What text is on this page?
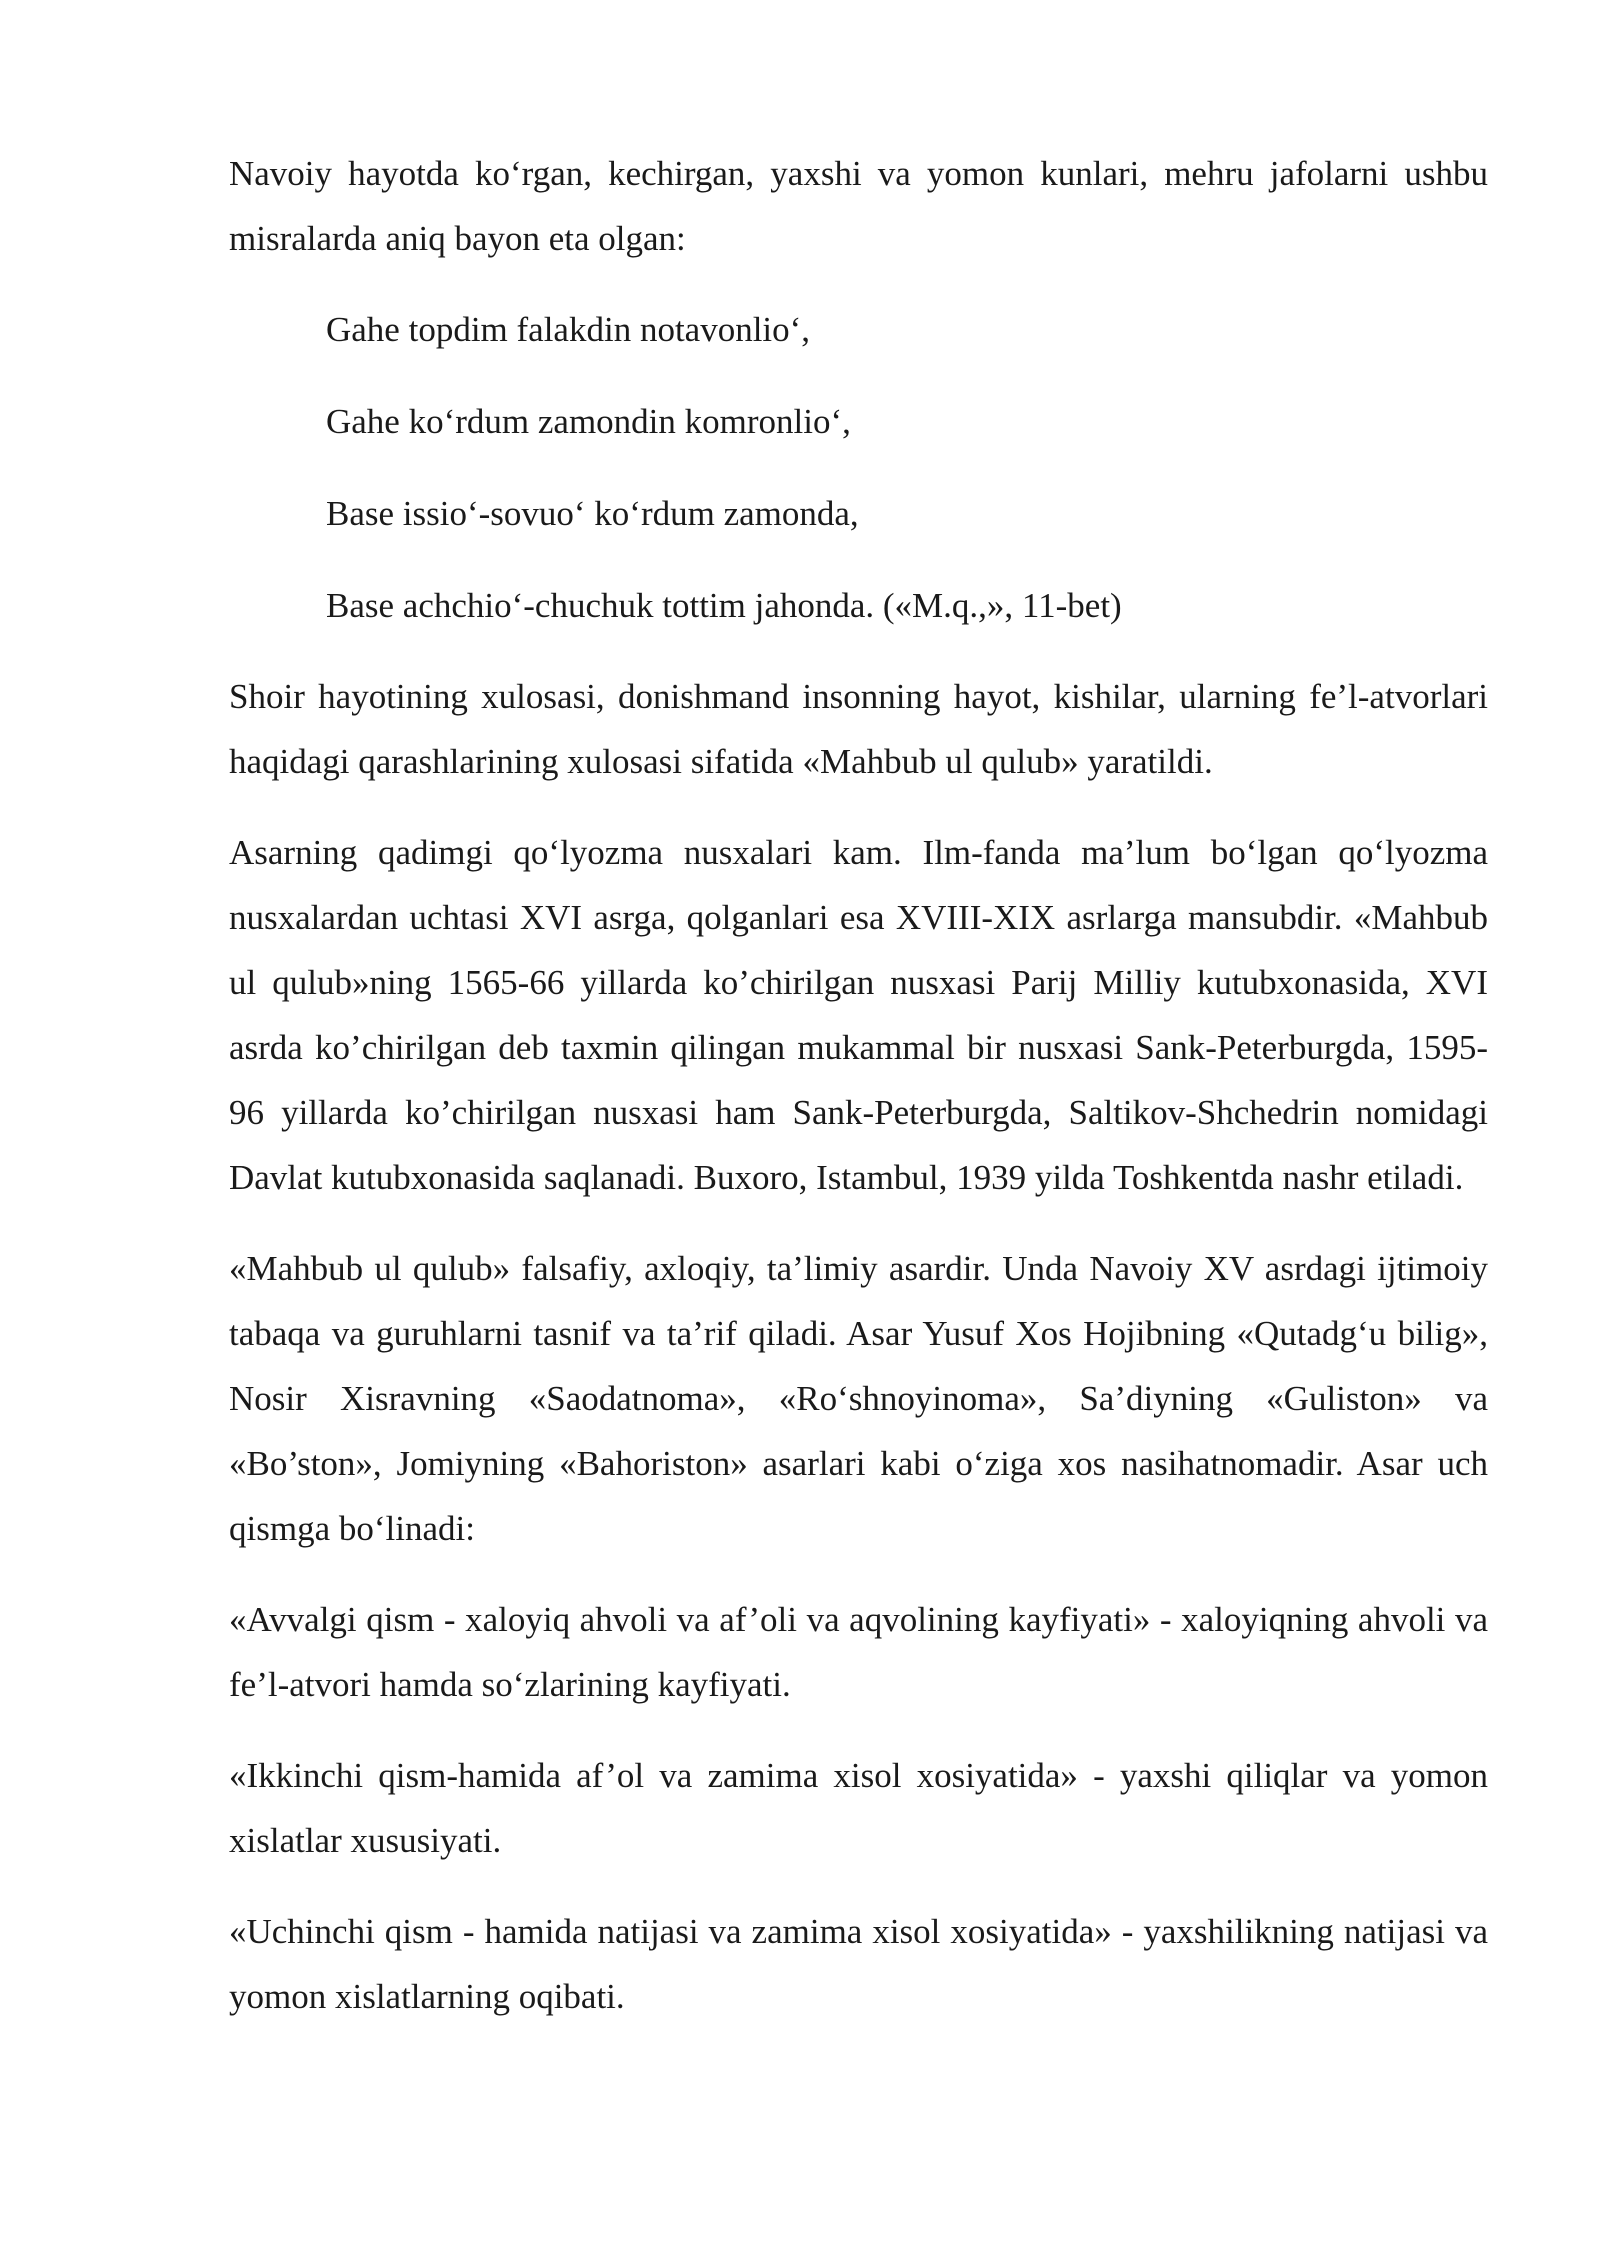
Navoiy hayotda ko‘rgan, kechirgan, yaxshi va yomon kunlari, mehru jafolarni ushbu misralarda aniq bayon eta olgan:

Gahe topdim falakdin notavonlio‘,
Gahe ko‘rdum zamondin komronlio‘,
Base issio‘-sovuo‘ ko‘rdum zamonda,
Base achchio‘-chuchuk tottim jahonda. («M.q.,», 11-bet)

Shoir hayotining xulosasi, donishmand insonning hayot, kishilar, ularning fe’l-atvorlari haqidagi qarashlarining xulosasi sifatida «Mahbub ul qulub» yaratildi.

Asarning qadimgi qo‘lyozma nusxalari kam. Ilm-fanda ma’lum bo‘lgan qo‘lyozma nusxalardan uchtasi XVI asrga, qolganlari esa XVIII-XIX asrlarga mansubdir. «Mahbub ul qulub»ning 1565-66 yillarda ko’chirilgan nusxasi Parij Milliy kutubxonasida, XVI asrda ko’chirilgan deb taxmin qilingan mukammal bir nusxasi Sank-Peterburgda, 1595-96 yillarda ko’chirilgan nusxasi ham Sank-Peterburgda, Saltikov-Shchedrin nomidagi Davlat kutubxonasida saqlanadi. Buxoro, Istambul, 1939 yilda Toshkentda nashr etiladi.

«Mahbub ul qulub» falsafiy, axloqiy, ta’limiy asardir. Unda Navoiy XV asrdagi ijtimoiy tabaqa va guruhlarni tasnif va ta’rif qiladi. Asar Yusuf Xos Hojibning «Qutadg‘u bilig», Nosir Xisravning «Saodatnoma», «Ro‘shnoyinoma», Sa’diyning «Guliston» va «Bo’ston», Jomiyning «Bahoriston» asarlari kabi o‘ziga xos nasihatnomadir. Asar uch qismga bo‘linadi:

«Avvalgi qism - xaloyiq ahvoli va af’oli va aqvolining kayfiyati» - xaloyiqning ahvoli va fe’l-atvori hamda so‘zlarining kayfiyati.

«Ikkinchi qism-hamida af’ol va zamima xisol xosiyatida» - yaxshi qiliqlar va yomon xislatlar xususiyati.

«Uchinchi qism - hamida natijasi va zamima xisol xosiyatida» - yaxshilikning natijasi va yomon xislatlarning oqibati.
